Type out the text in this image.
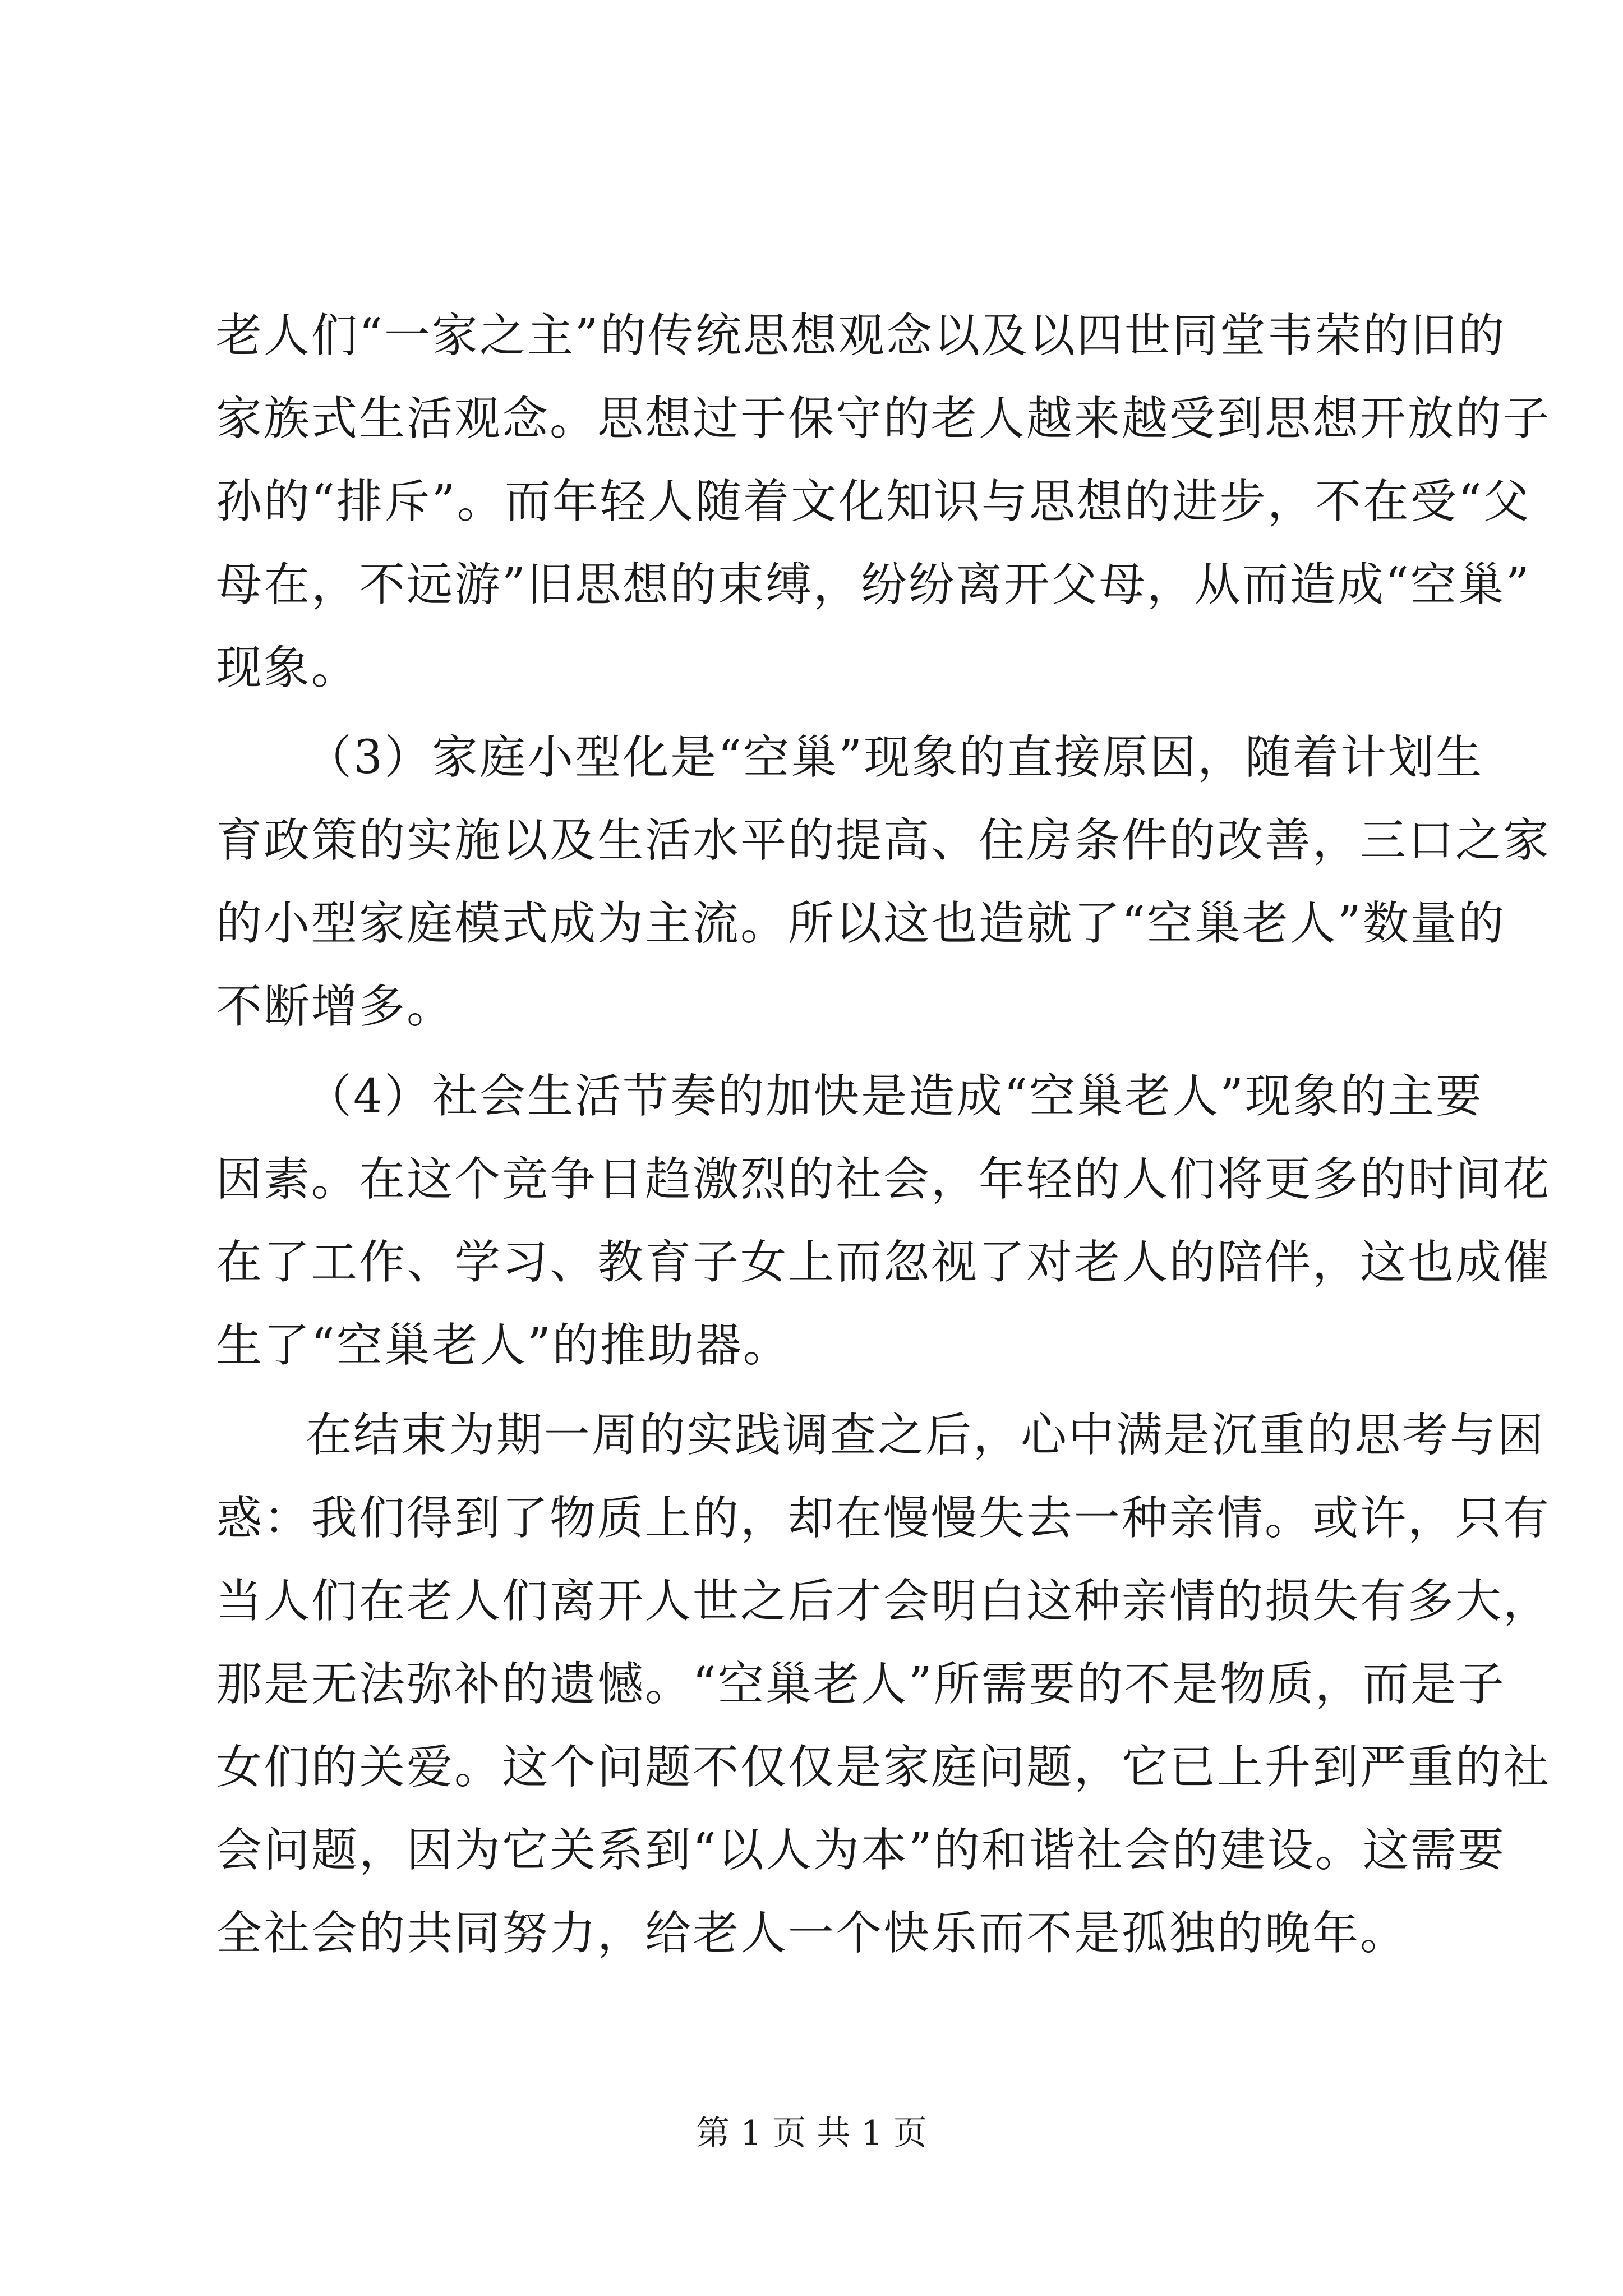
老人们“一家之主”的传统思想观念以及以四世同堂韦荣的旧的
家族式生活观念。思想过于保守的老人越来越受到思想开放的子
孙的“排斥”。而年轻人随着文化知识与思想的进步，不在受“父
母在，不远游”旧思想的束缚，纷纷离开父母，从而造成“空巢”
现象。
（3）家庭小型化是“空巢”现象的直接原因，随着计划生
育政策的实施以及生活水平的提高、住房条件的改善，三口之家
的小型家庭模式成为主流。所以这也造就了“空巢老人”数量的
不断增多。
（4）社会生活节奏的加快是造成“空巢老人”现象的主要
因素。在这个竞争日趋激烈的社会，年轻的人们将更多的时间花
在了工作、学习、教育子女上而忽视了对老人的陪伴，这也成催
生了“空巢老人”的推助器。
在结束为期一周的实践调查之后，心中满是沉重的思考与困
惑：我们得到了物质上的，却在慢慢失去一种亲情。或许，只有
当人们在老人们离开人世之后才会明白这种亲情的损失有多大，
那是无法弥补的遗憾。“空巢老人”所需要的不是物质，而是子
女们的关爱。这个问题不仅仅是家庭问题，它已上升到严重的社
会问题，因为它关系到“以人为本”的和谐社会的建设。这需要
全社会的共同努力，给老人一个快乐而不是孤独的晚年。
第 1 页 共 1 页
